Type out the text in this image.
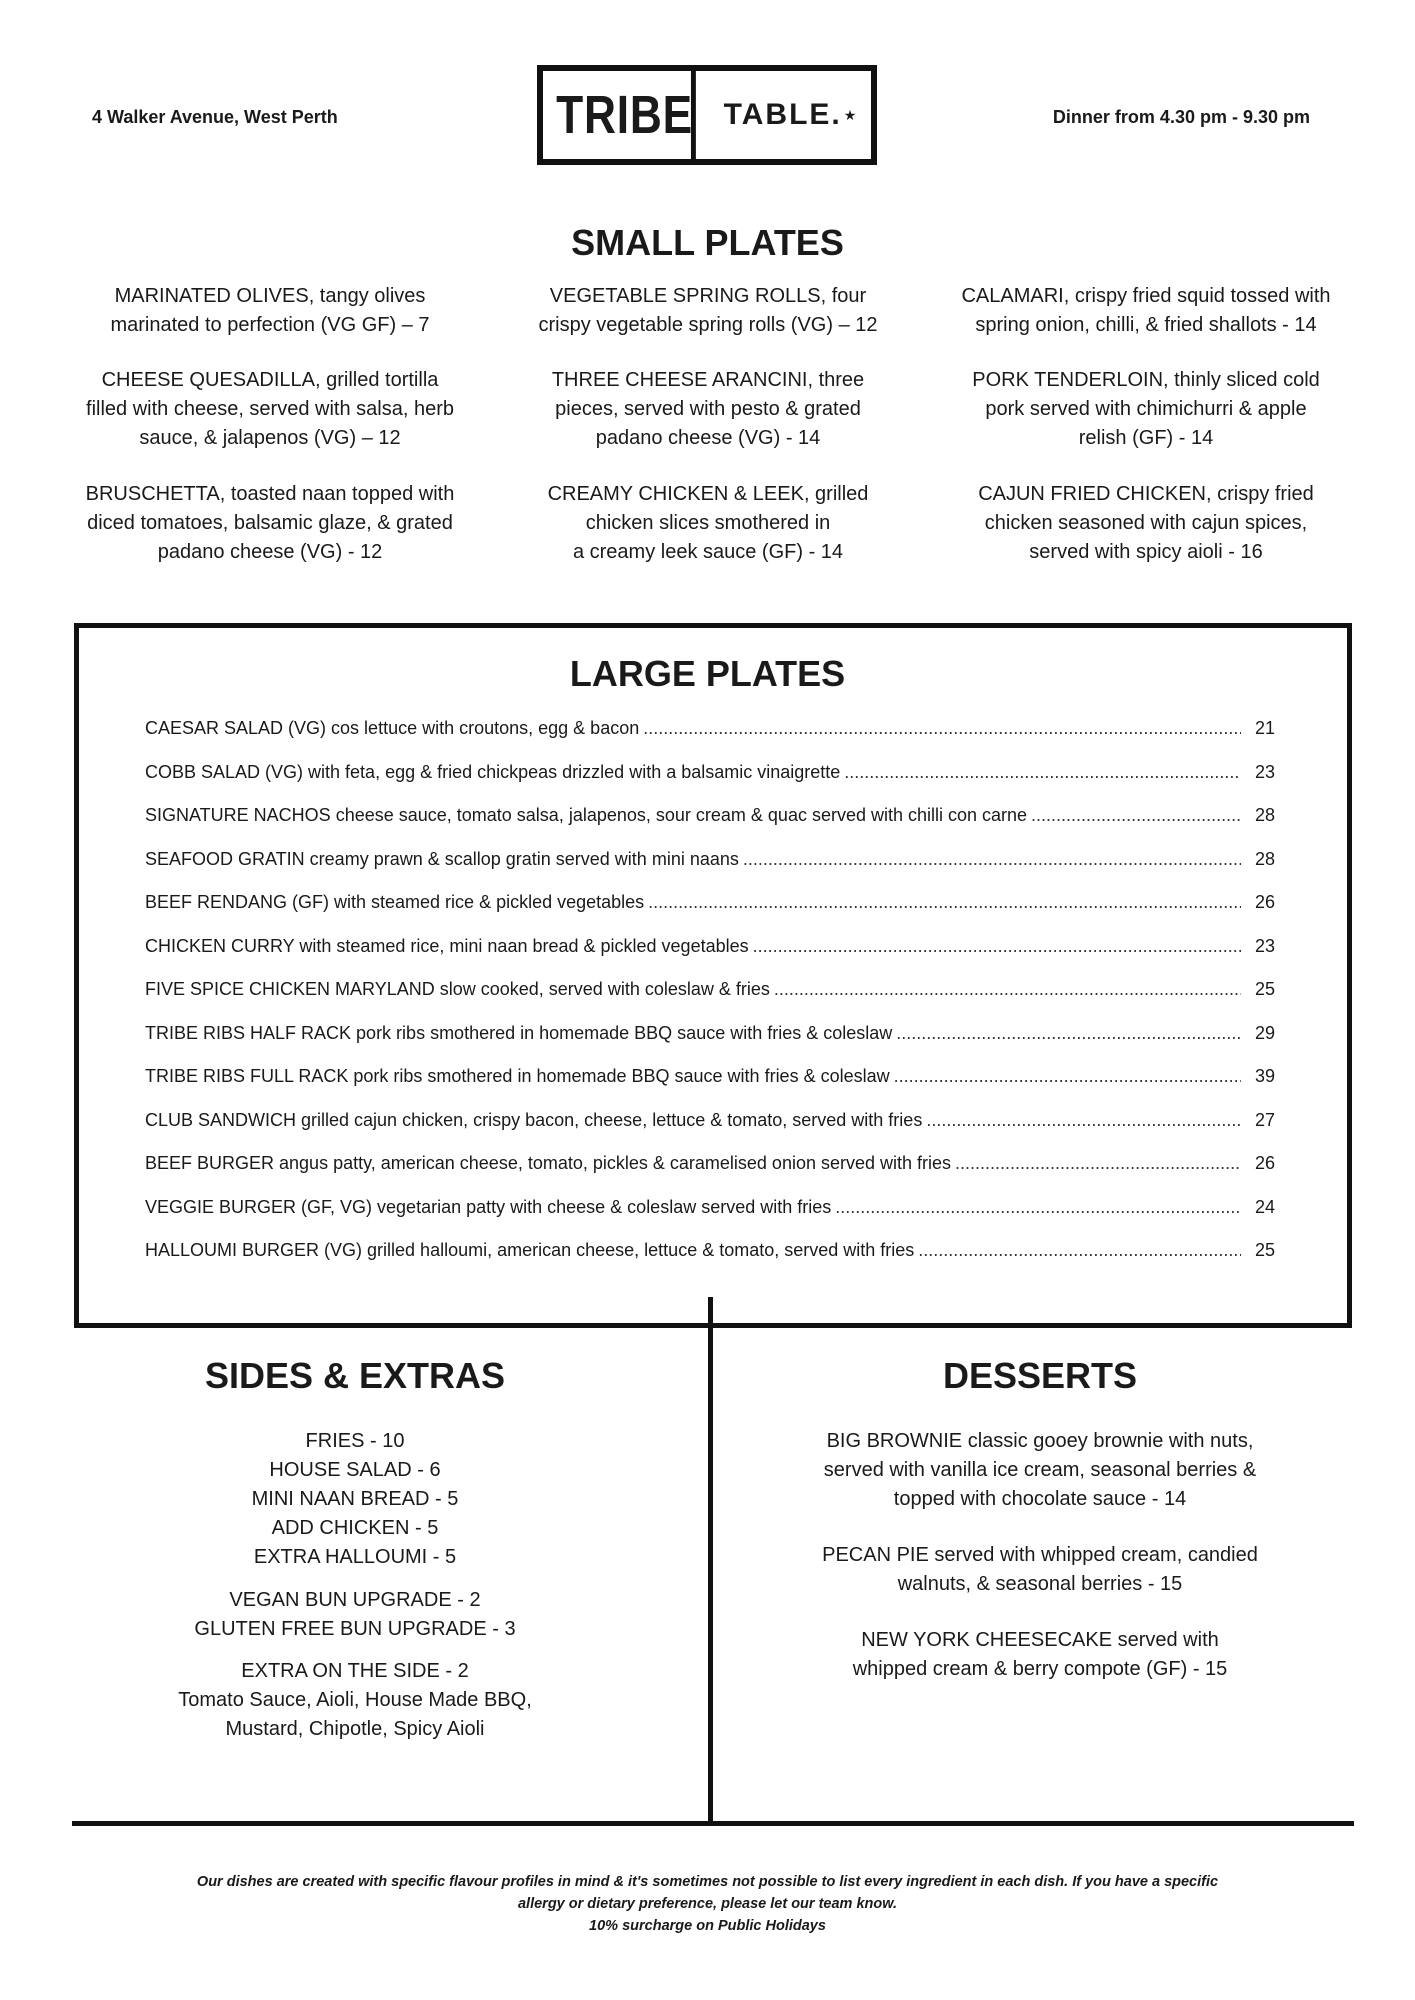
4 Walker Avenue, West Perth	TRIBE TABLE. ★	Dinner from 4.30 pm - 9.30 pm
SMALL PLATES
MARINATED OLIVES, tangy olives
marinated to perfection (VG GF) – 7
VEGETABLE SPRING ROLLS, four
crispy vegetable spring rolls (VG) – 12
CALAMARI, crispy fried squid tossed with
spring onion, chilli, & fried shallots - 14
CHEESE QUESADILLA, grilled tortilla
filled with cheese, served with salsa, herb
sauce, & jalapenos (VG) – 12
THREE CHEESE ARANCINI, three
pieces, served with pesto & grated
padano cheese (VG) - 14
PORK TENDERLOIN, thinly sliced cold
pork served with chimichurri & apple
relish (GF) - 14
BRUSCHETTA, toasted naan topped with
diced tomatoes, balsamic glaze, & grated
padano cheese (VG) - 12
CREAMY CHICKEN & LEEK, grilled
chicken slices smothered in
a creamy leek sauce (GF) - 14
CAJUN FRIED CHICKEN, crispy fried
chicken seasoned with cajun spices,
served with spicy aioli - 16
LARGE PLATES
CAESAR SALAD (VG) cos lettuce with croutons, egg & bacon .....	21
COBB SALAD (VG) with feta, egg & fried chickpeas drizzled with a balsamic vinaigrette .....	23
SIGNATURE NACHOS cheese sauce, tomato salsa, jalapenos, sour cream & quac served with chilli con carne .....	28
SEAFOOD GRATIN creamy prawn & scallop gratin served with mini naans .....	28
BEEF RENDANG (GF) with steamed rice & pickled vegetables .....	26
CHICKEN CURRY with steamed rice, mini naan bread & pickled vegetables .....	23
FIVE SPICE CHICKEN MARYLAND slow cooked, served with coleslaw & fries .....	25
TRIBE RIBS HALF RACK pork ribs smothered in homemade BBQ sauce with fries & coleslaw .....	29
TRIBE RIBS FULL RACK pork ribs smothered in homemade BBQ sauce with fries & coleslaw .....	39
CLUB SANDWICH grilled cajun chicken, crispy bacon, cheese, lettuce & tomato, served with fries .....	27
BEEF BURGER angus patty, american cheese, tomato, pickles & caramelised onion served with fries .....	26
VEGGIE BURGER (GF, VG) vegetarian patty with cheese & coleslaw served with fries .....	24
HALLOUMI BURGER (VG) grilled halloumi, american cheese, lettuce & tomato, served with fries .....	25
SIDES & EXTRAS
FRIES - 10
HOUSE SALAD - 6
MINI NAAN BREAD - 5
ADD CHICKEN - 5
EXTRA HALLOUMI - 5
VEGAN BUN UPGRADE - 2
GLUTEN FREE BUN UPGRADE - 3
EXTRA ON THE SIDE - 2
Tomato Sauce, Aioli, House Made BBQ,
Mustard, Chipotle, Spicy Aioli
DESSERTS
BIG BROWNIE classic gooey brownie with nuts,
served with vanilla ice cream, seasonal berries &
topped with chocolate sauce - 14
PECAN PIE served with whipped cream, candied
walnuts, & seasonal berries - 15
NEW YORK CHEESECAKE served with
whipped cream & berry compote (GF) - 15
Our dishes are created with specific flavour profiles in mind & it's sometimes not possible to list every ingredient in each dish. If you have a specific
allergy or dietary preference, please let our team know.
10% surcharge on Public Holidays
